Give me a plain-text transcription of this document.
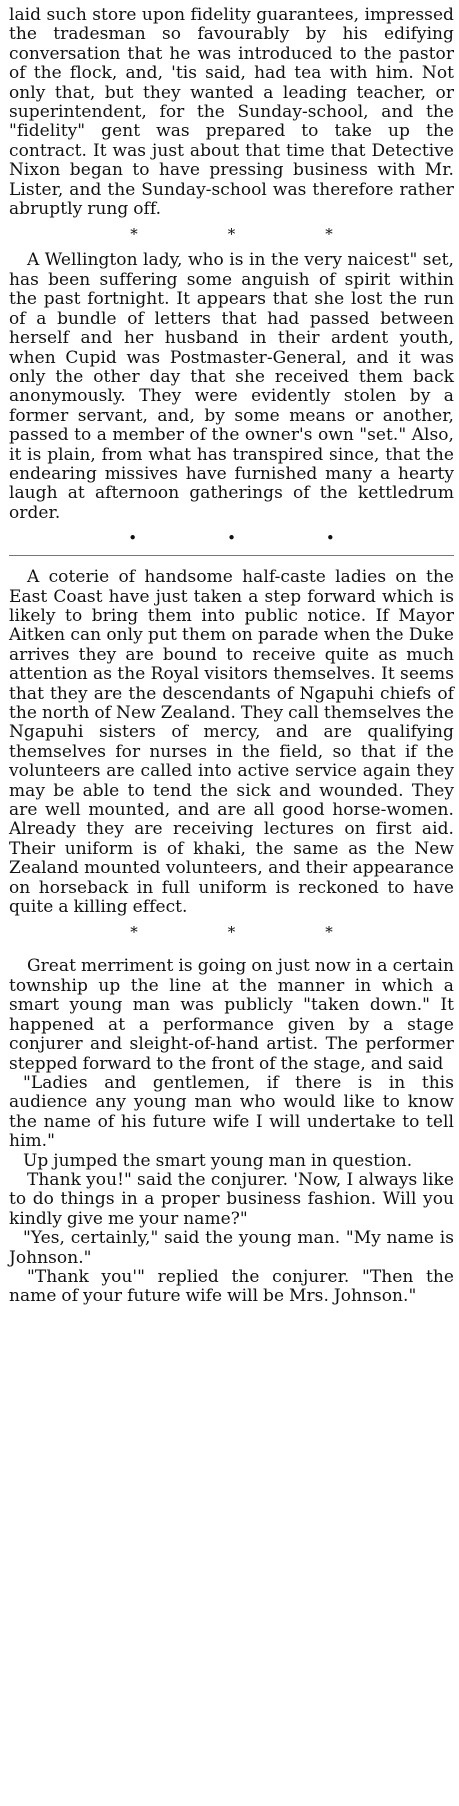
laid such store upon fidelity guarantees, impressed the tradesman so favourably by his edifying conversation that he was introduced to the pastor of the flock, and, 'tis said, had tea with him. Not only that, but they wanted a leading teacher, or superintendent, for the Sunday-school, and the "fidelity" gent was prepared to take up the contract. It was just about that time that Detective Nixon began to have pressing business with Mr. Lister, and the Sunday-school was therefore rather abruptly rung off.

*	*	*

A Wellington lady, who is in the very naicest" set, has been suffering some anguish of spirit within the past fortnight. It appears that she lost the run of a bundle of letters that had passed between herself and her husband in their ardent youth, when Cupid was Postmaster-General, and it was only the other day that she received them back anonymously. They were evidently stolen by a former servant, and, by some means or another, passed to a member of the owner's own "set." Also, it is plain, from what has transpired since, that the endearing missives have furnished many a hearty laugh at afternoon gatherings of the kettledrum order.

•	•	•

A coterie of handsome half-caste ladies on the East Coast have just taken a step forward which is likely to bring them into public notice. If Mayor Aitken can only put them on parade when the Duke arrives they are bound to receive quite as much attention as the Royal visitors themselves. It seems that they are the descendants of Ngapuhi chiefs of the north of New Zealand. They call themselves the Ngapuhi sisters of mercy, and are qualifying themselves for nurses in the field, so that if the volunteers are called into active service again they may be able to tend the sick and wounded. They are well mounted, and are all good horse-women. Already they are receiving lectures on first aid. Their uniform is of khaki, the same as the New Zealand mounted volunteers, and their appearance on horseback in full uniform is reckoned to have quite a killing effect.

*	*	*

Great merriment is going on just now in a certain township up the line at the manner in which a smart young man was publicly "taken down." It happened at a performance given by a stage conjurer and sleight-of-hand artist. The performer stepped forward to the front of the stage, and said

"Ladies and gentlemen, if there is in this audience any young man who would like to know the name of his future wife I will undertake to tell him."

Up jumped the smart young man in question.

Thank you!" said the conjurer. 'Now, I always like to do things in a proper business fashion. Will you kindly give me your name?"

"Yes, certainly," said the young man. "My name is Johnson."

"Thank you'" replied the conjurer. "Then the name of your future wife will be Mrs. Johnson."
